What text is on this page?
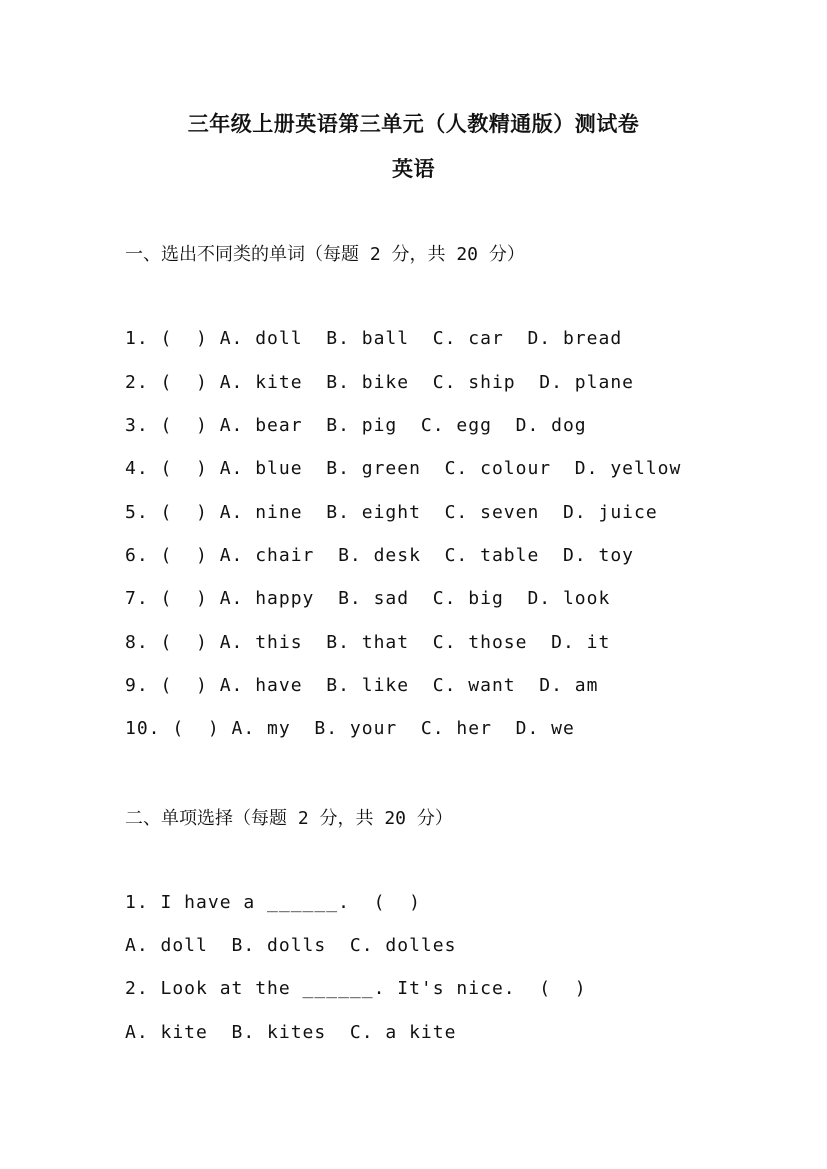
三年级上册英语第三单元（人教精通版）测试卷
英语

一、选出不同类的单词（每题 2 分，共 20 分）

1. (  ) A. doll  B. ball  C. car  D. bread

2. (  ) A. kite  B. bike  C. ship  D. plane

3. (  ) A. bear  B. pig  C. egg  D. dog

4. (  ) A. blue  B. green  C. colour  D. yellow

5. (  ) A. nine  B. eight  C. seven  D. juice

6. (  ) A. chair  B. desk  C. table  D. toy

7. (  ) A. happy  B. sad  C. big  D. look

8. (  ) A. this  B. that  C. those  D. it

9. (  ) A. have  B. like  C. want  D. am

10. (  ) A. my  B. your  C. her  D. we

二、单项选择（每题 2 分，共 20 分）

1. I have a ______.  (  )

A. doll  B. dolls  C. dolles

2. Look at the ______. It's nice.  (  )

A. kite  B. kites  C. a kite
